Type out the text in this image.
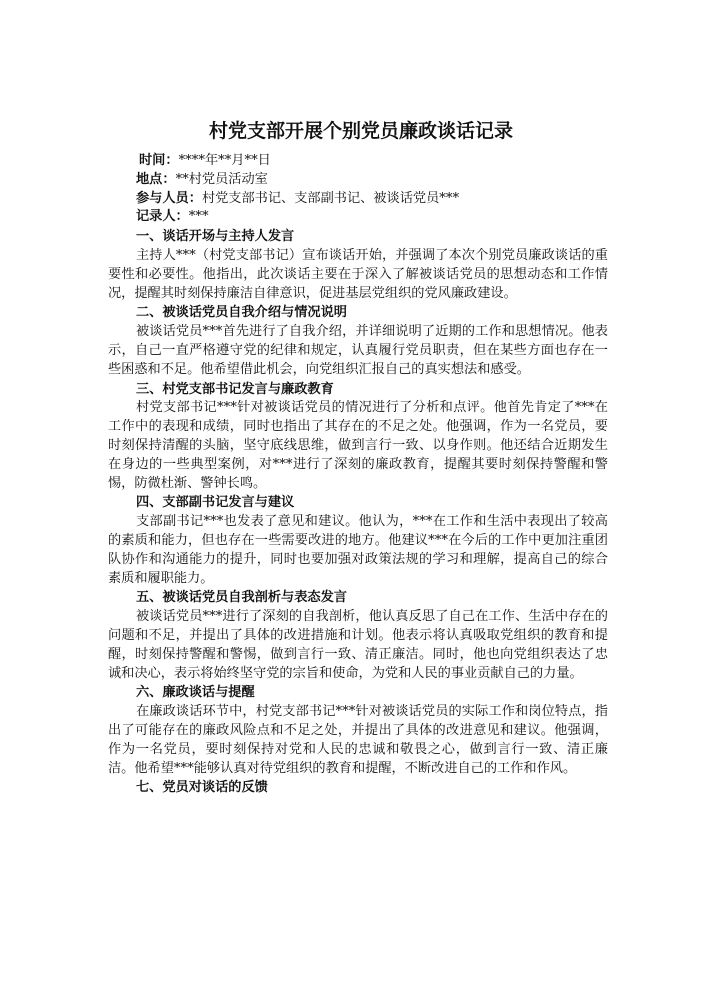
村党支部开展个别党员廉政谈话记录
时间：****年**月**日
地点：**村党员活动室
参与人员：村党支部书记、支部副书记、被谈话党员***
记录人：***
一、谈话开场与主持人发言
主持人***（村党支部书记）宣布谈话开始，并强调了本次个别党员廉政谈话的重要性和必要性。他指出，此次谈话主要在于深入了解被谈话党员的思想动态和工作情况，提醒其时刻保持廉洁自律意识，促进基层党组织的党风廉政建设。
二、被谈话党员自我介绍与情况说明
被谈话党员***首先进行了自我介绍，并详细说明了近期的工作和思想情况。他表示，自己一直严格遵守党的纪律和规定，认真履行党员职责，但在某些方面也存在一些困惑和不足。他希望借此机会，向党组织汇报自己的真实想法和感受。
三、村党支部书记发言与廉政教育
村党支部书记***针对被谈话党员的情况进行了分析和点评。他首先肯定了***在工作中的表现和成绩，同时也指出了其存在的不足之处。他强调，作为一名党员，要时刻保持清醒的头脑，坚守底线思维，做到言行一致、以身作则。他还结合近期发生在身边的一些典型案例，对***进行了深刻的廉政教育，提醒其要时刻保持警醒和警惕，防微杜渐、警钟长鸣。
四、支部副书记发言与建议
支部副书记***也发表了意见和建议。他认为，***在工作和生活中表现出了较高的素质和能力，但也存在一些需要改进的地方。他建议***在今后的工作中更加注重团队协作和沟通能力的提升，同时也要加强对政策法规的学习和理解，提高自己的综合素质和履职能力。
五、被谈话党员自我剖析与表态发言
被谈话党员***进行了深刻的自我剖析，他认真反思了自己在工作、生活中存在的问题和不足，并提出了具体的改进措施和计划。他表示将认真吸取党组织的教育和提醒，时刻保持警醒和警惕，做到言行一致、清正廉洁。同时，他也向党组织表达了忠诚和决心，表示将始终坚守党的宗旨和使命，为党和人民的事业贡献自己的力量。
六、廉政谈话与提醒
在廉政谈话环节中，村党支部书记***针对被谈话党员的实际工作和岗位特点，指出了可能存在的廉政风险点和不足之处，并提出了具体的改进意见和建议。他强调，作为一名党员，要时刻保持对党和人民的忠诚和敬畏之心，做到言行一致、清正廉洁。他希望***能够认真对待党组织的教育和提醒，不断改进自己的工作和作风。
七、党员对谈话的反馈
